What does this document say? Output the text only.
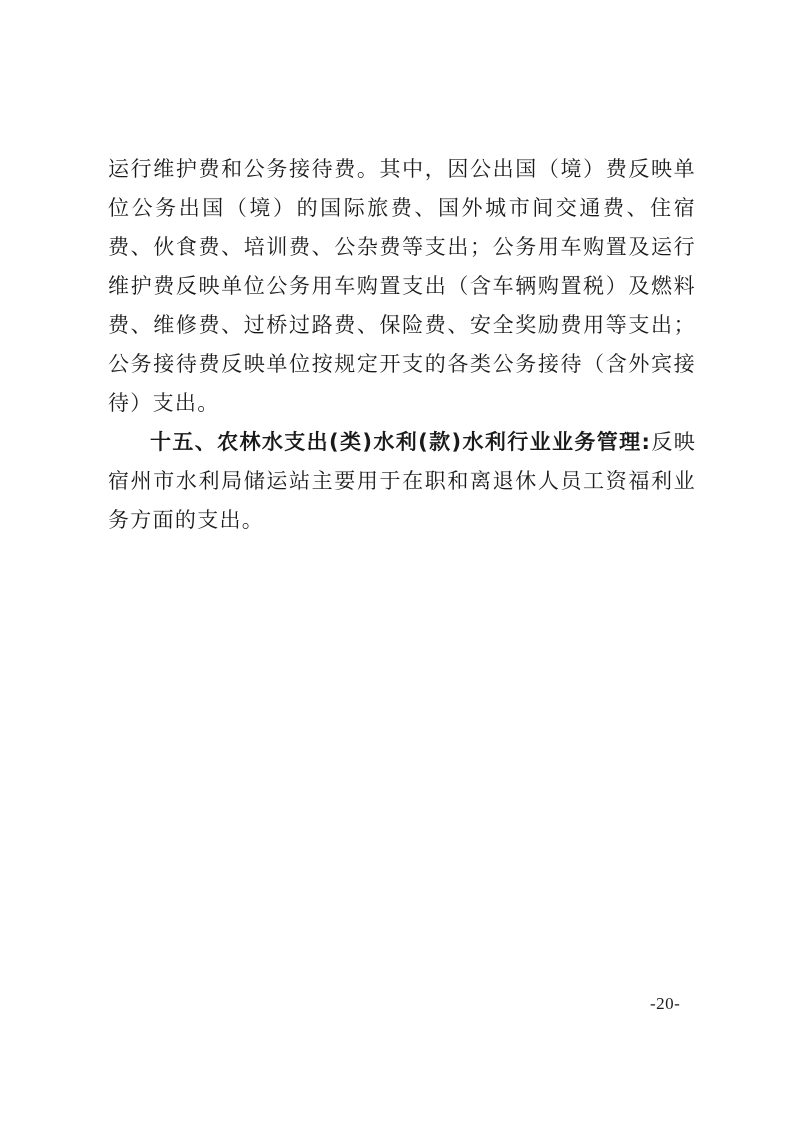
运行维护费和公务接待费。其中，因公出国（境）费反映单位公务出国（境）的国际旅费、国外城市间交通费、住宿费、伙食费、培训费、公杂费等支出；公务用车购置及运行维护费反映单位公务用车购置支出（含车辆购置税）及燃料费、维修费、过桥过路费、保险费、安全奖励费用等支出；公务接待费反映单位按规定开支的各类公务接待（含外宾接待）支出。

十五、农林水支出(类)水利(款)水利行业业务管理:反映宿州市水利局储运站主要用于在职和离退休人员工资福利业务方面的支出。

-20-
